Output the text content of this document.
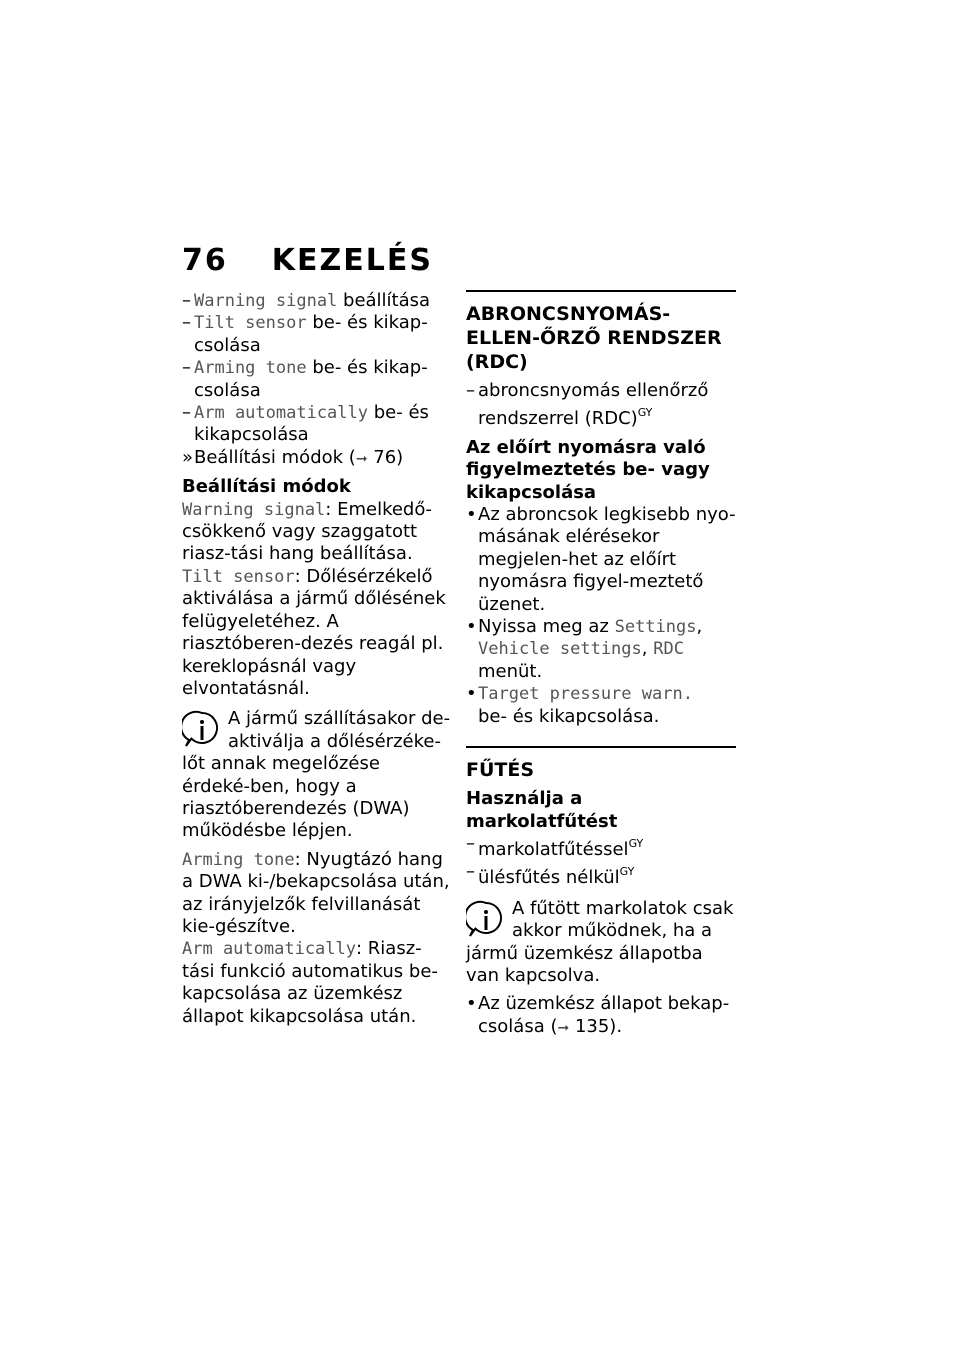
76 KEZELÉS
– Warning signal beállítása
– Tilt sensor be- és kikap-csolása
– Arming tone be- és kikap-csolása
– Arm automatically be- és kikapcsolása
» Beállítási módok (➞ 76)
Beállítási módok
Warning signal: Emelkedő-csökkenő vagy szaggatott riasz-tási hang beállítása.
Tilt sensor: Dőlésérzékelő aktiválása a jármű dőlésének felügyeletéhez. A riasztóberen-dezés reagál pl. kereklopásnál vagy elvontatásnál.
A jármű szállításakor de-aktiválja a dőlésérzéke-lőt annak megelőzése érdeké-ben, hogy a riasztóberendezés (DWA) működésbe lépjen.
Arming tone: Nyugtázó hang a DWA ki-/bekapcsolása után, az irányjelzők felvillanását kie-gészítve.
Arm automatically: Riasz-tási funkció automatikus be-kapcsolása az üzemkész állapot kikapcsolása után.
ABRONCSNYOMÁS-ELLEN-ŐRZŐ RENDSZER (RDC)
– abroncsnyomás ellenőrző rendszerrel (RDC)$^{GY}$
Az előírt nyomásra való figyelmeztetés be- vagy kikapcsolása
• Az abroncsok legkisebb nyo-másának elérésekor megjelen-het az előírt nyomásra figyel-meztető üzenet.
• Nyissa meg az Settings,
Vehicle settings, RDC
menüt.
• Target pressure warn.
be- és kikapcsolása.
FŰTÉS
Használja a markolatfűtést
– markolatfűtéssel$^{GY}$
– ülésfűtés nélkül$^{GY}$
A fűtött markolatok csak akkor működnek, ha a jármű üzemkész állapotba van kapcsolva.
• Az üzemkész állapot bekap-csolása (➞ 135).
